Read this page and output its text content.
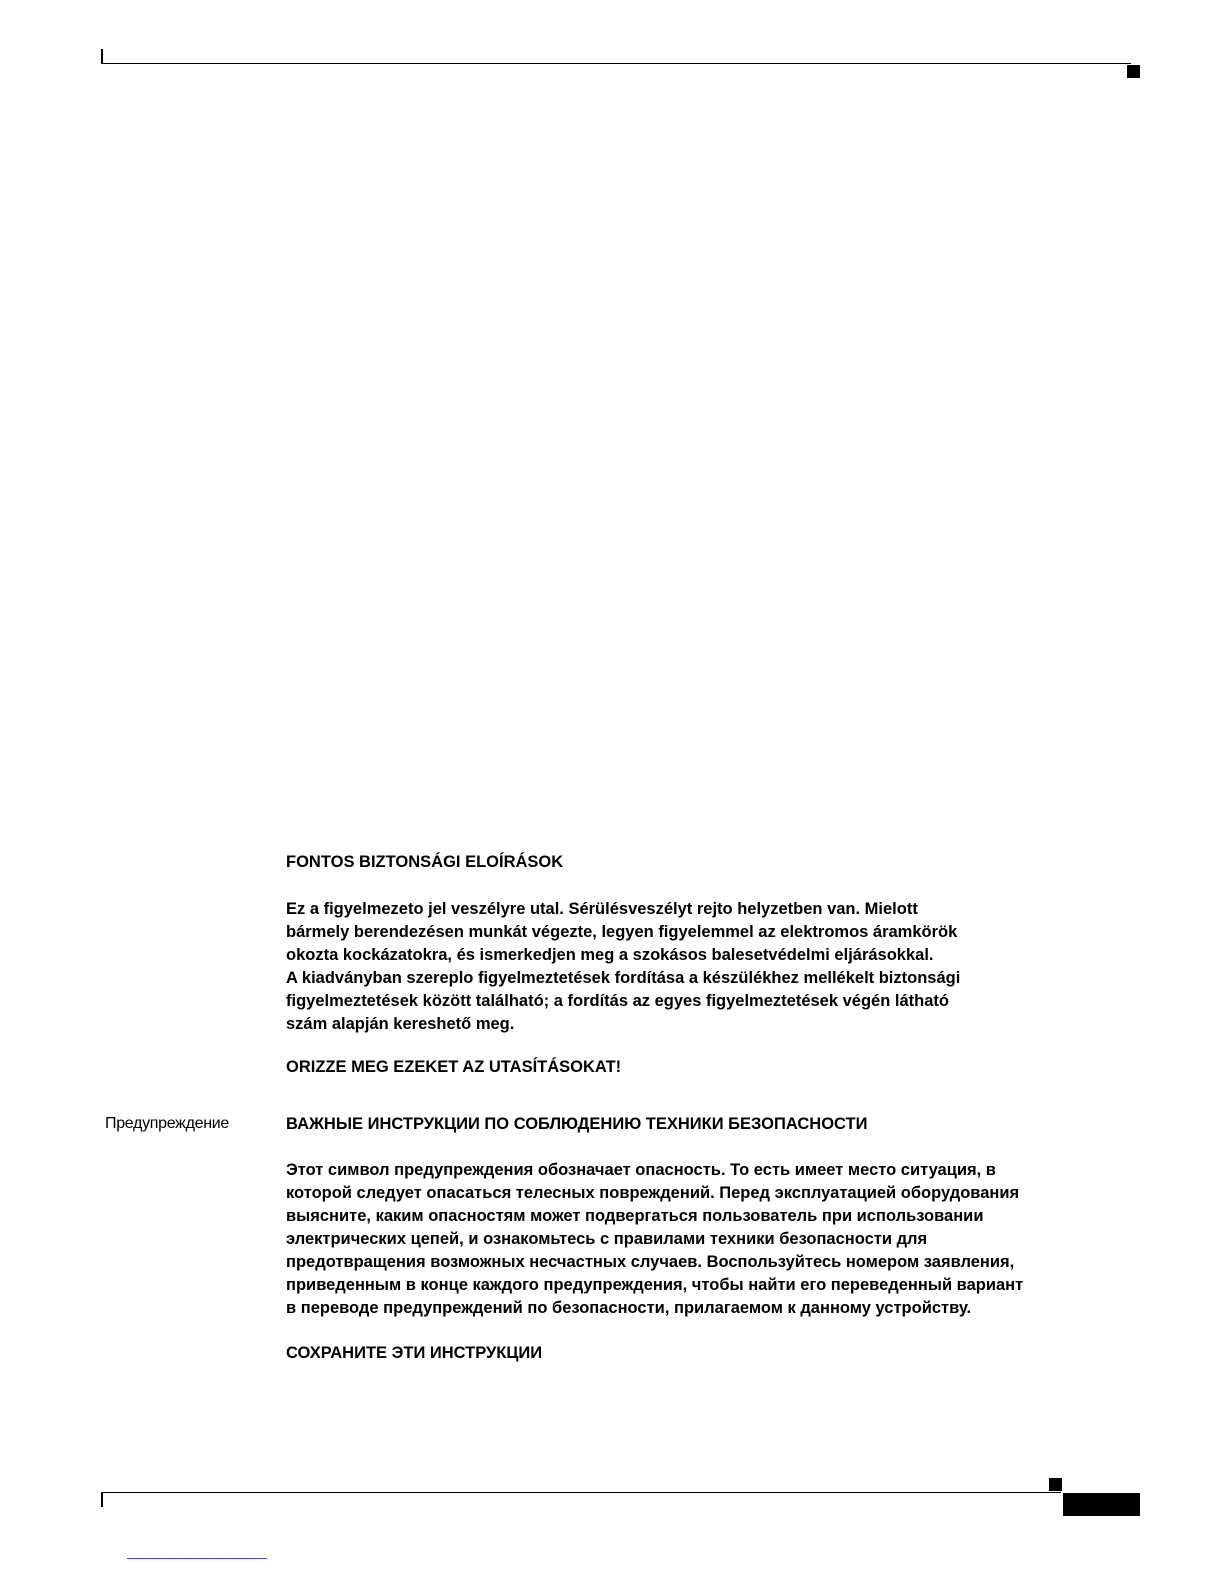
FONTOS BIZTONSÁGI ELOÍRÁSOK

Ez a figyelmezeto jel veszélyre utal. Sérülésveszélyt rejto helyzetben van. Mielott

bármely berendezésen munkát végezte, legyen figyelemmel az elektromos áramkörök

okozta kockázatokra, és ismerkedjen meg a szokásos balesetvédelmi eljárásokkal.

A kiadványban szereplo figyelmeztetések fordítása a készülékhez mellékelt biztonsági

figyelmeztetések között található; a fordítás az egyes figyelmeztetések végén látható

szám alapján kereshető meg.

ORIZZE MEG EZEKET AZ UTASÍTÁSOKAT!

Предупреждение	ВАЖНЫЕ ИНСТРУКЦИИ ПО СОБЛЮДЕНИЮ ТЕХНИКИ БЕЗОПАСНОСТИ

Этот символ предупреждения обозначает опасность. То есть имеет место ситуация, в

которой следует опасаться телесных повреждений. Перед эксплуатацией оборудования

выясните, каким опасностям может подвергаться пользователь при использовании

электрических цепей, и ознакомьтесь с правилами техники безопасности для

предотвращения возможных несчастных случаев. Воспользуйтесь номером заявления,

приведенным в конце каждого предупреждения, чтобы найти его переведенный вариант

в переводе предупреждений по безопасности, прилагаемом к данному устройству.

СОХРАНИТЕ ЭТИ ИНСТРУКЦИИ
